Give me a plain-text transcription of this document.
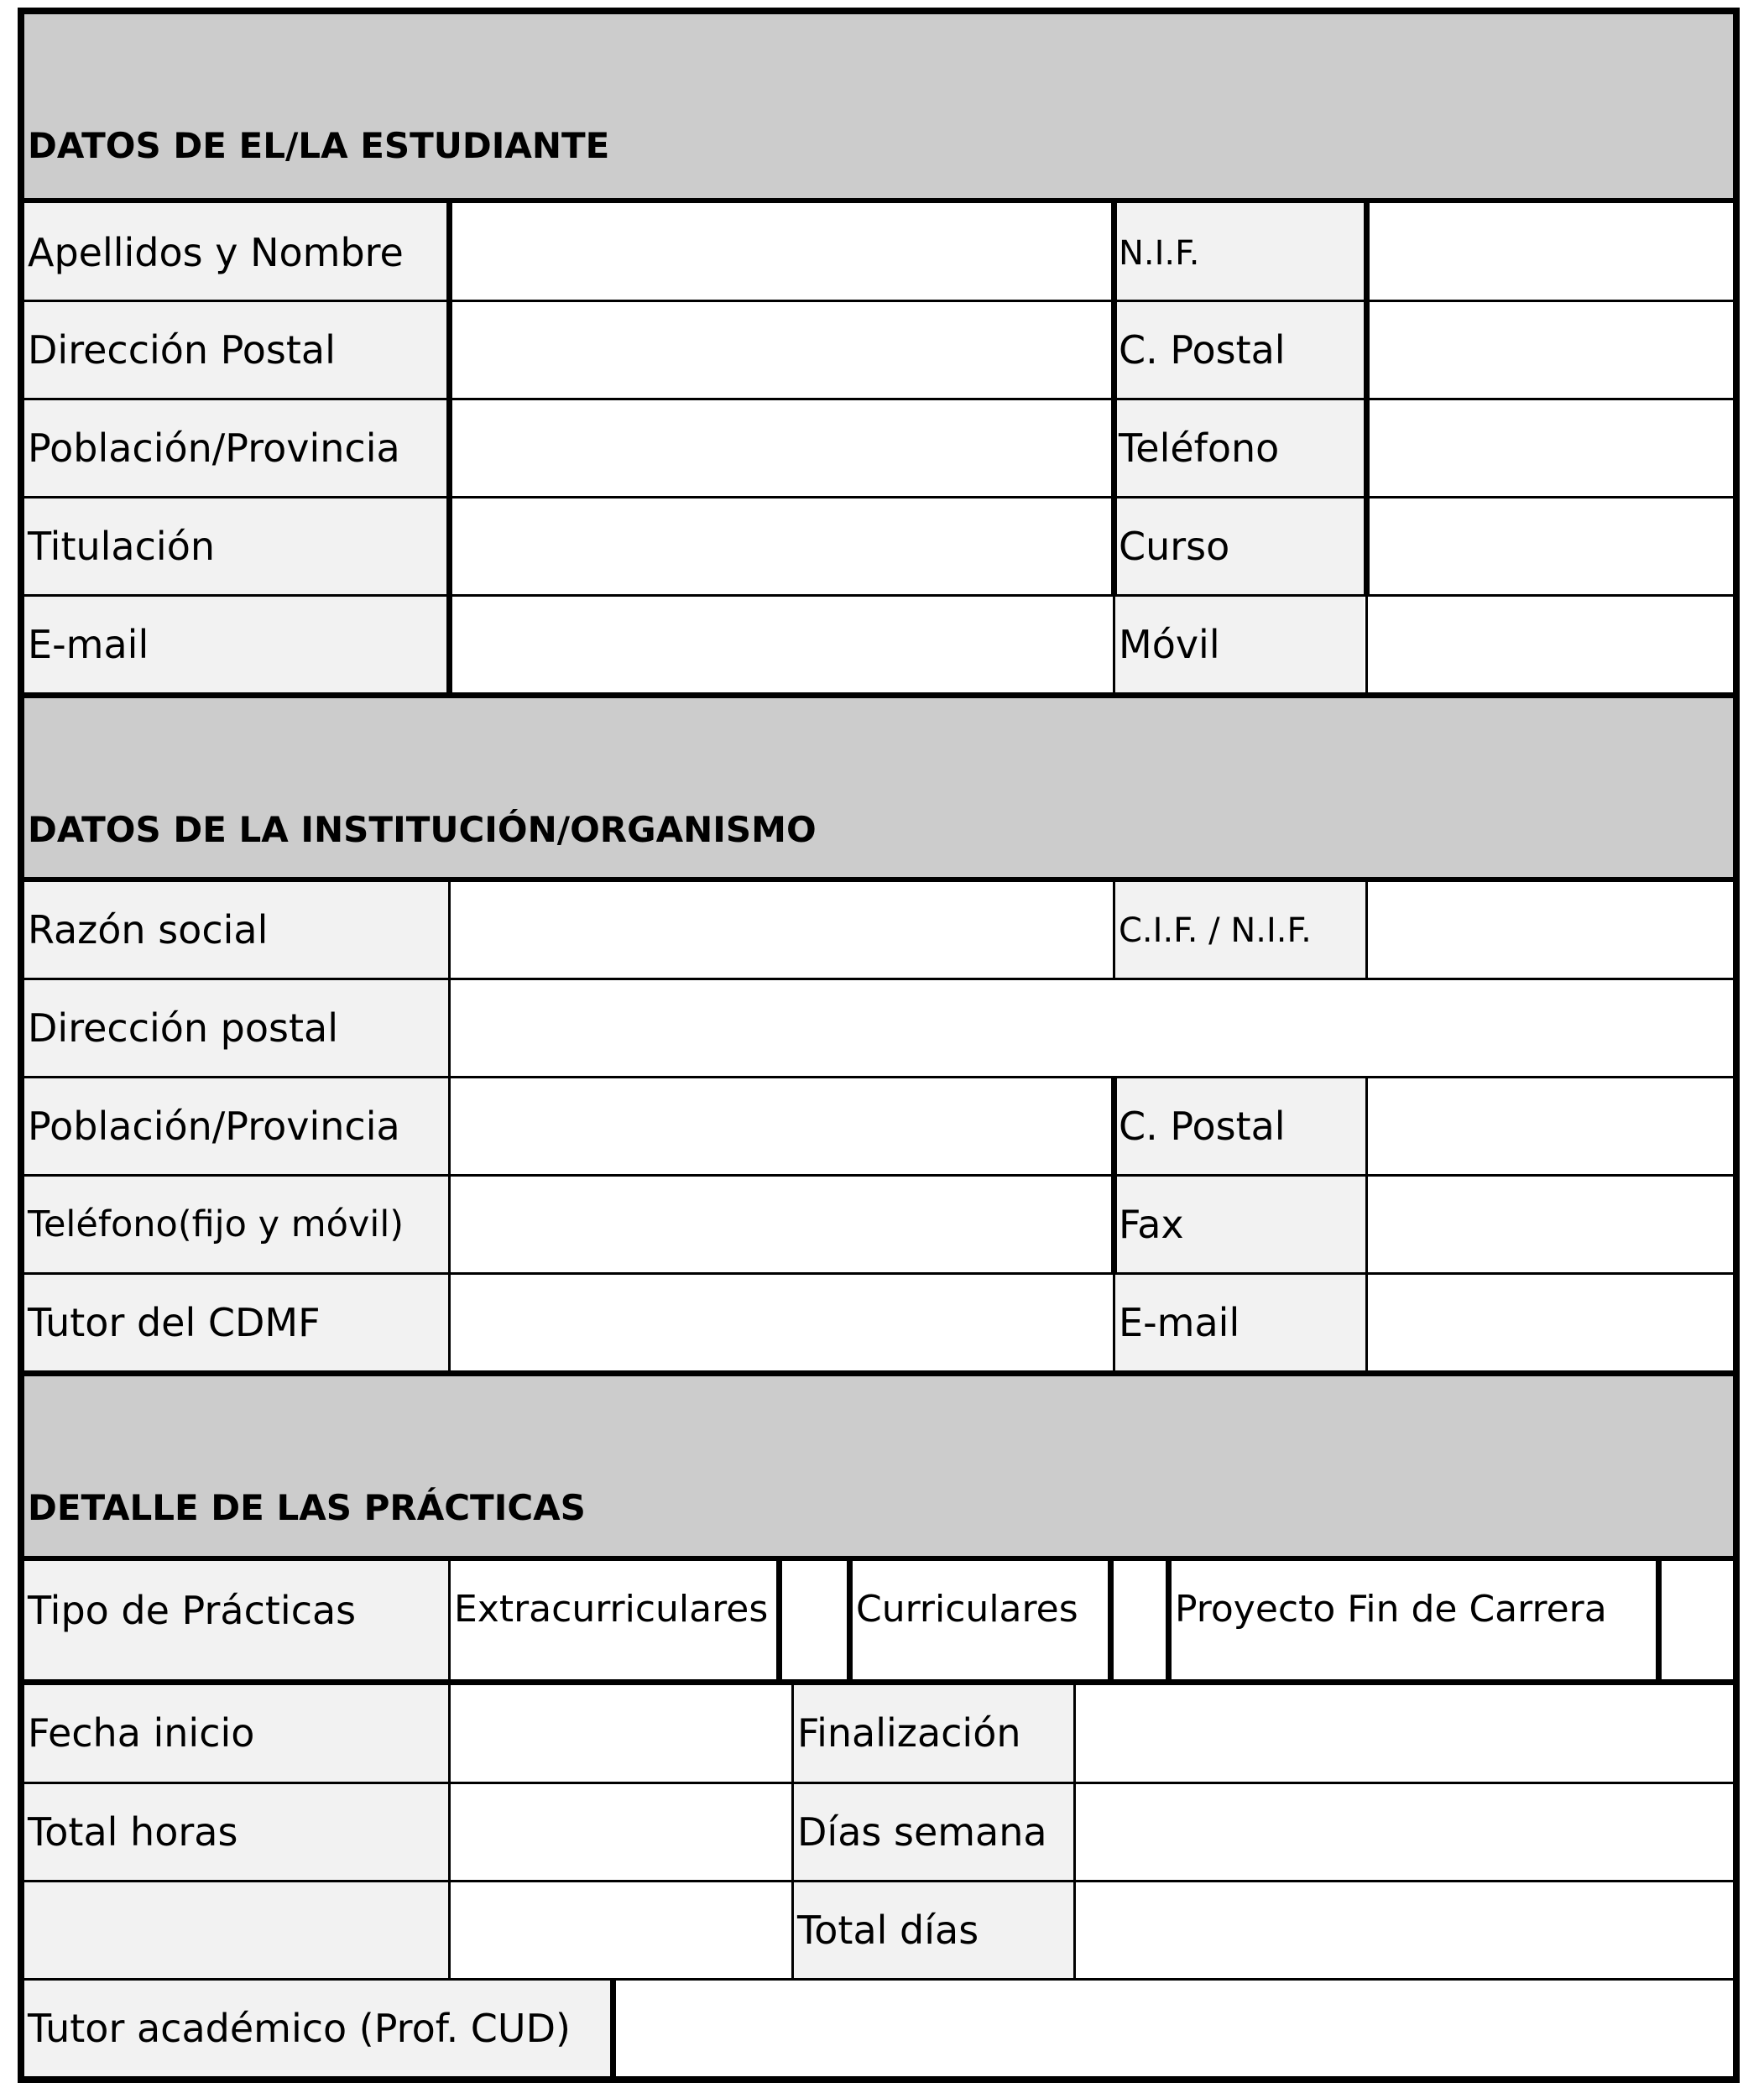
DATOS DE EL/LA ESTUDIANTE
Apellidos y Nombre	N.I.F.
Dirección Postal	C. Postal
Población/Provincia	Teléfono
Titulación	Curso
E-mail	Móvil
DATOS DE LA INSTITUCIÓN/ORGANISMO
Razón social	C.I.F. / N.I.F.
Dirección postal
Población/Provincia	C. Postal
Teléfono(fijo y móvil)	Fax
Tutor del CDMF	E-mail
DETALLE DE LAS PRÁCTICAS
Tipo de Prácticas	Extracurriculares Curriculares	Proyecto Fin de Carrera
Fecha inicio	Finalización
Total horas	Días semana
Total días
Tutor académico (Prof. CUD)
